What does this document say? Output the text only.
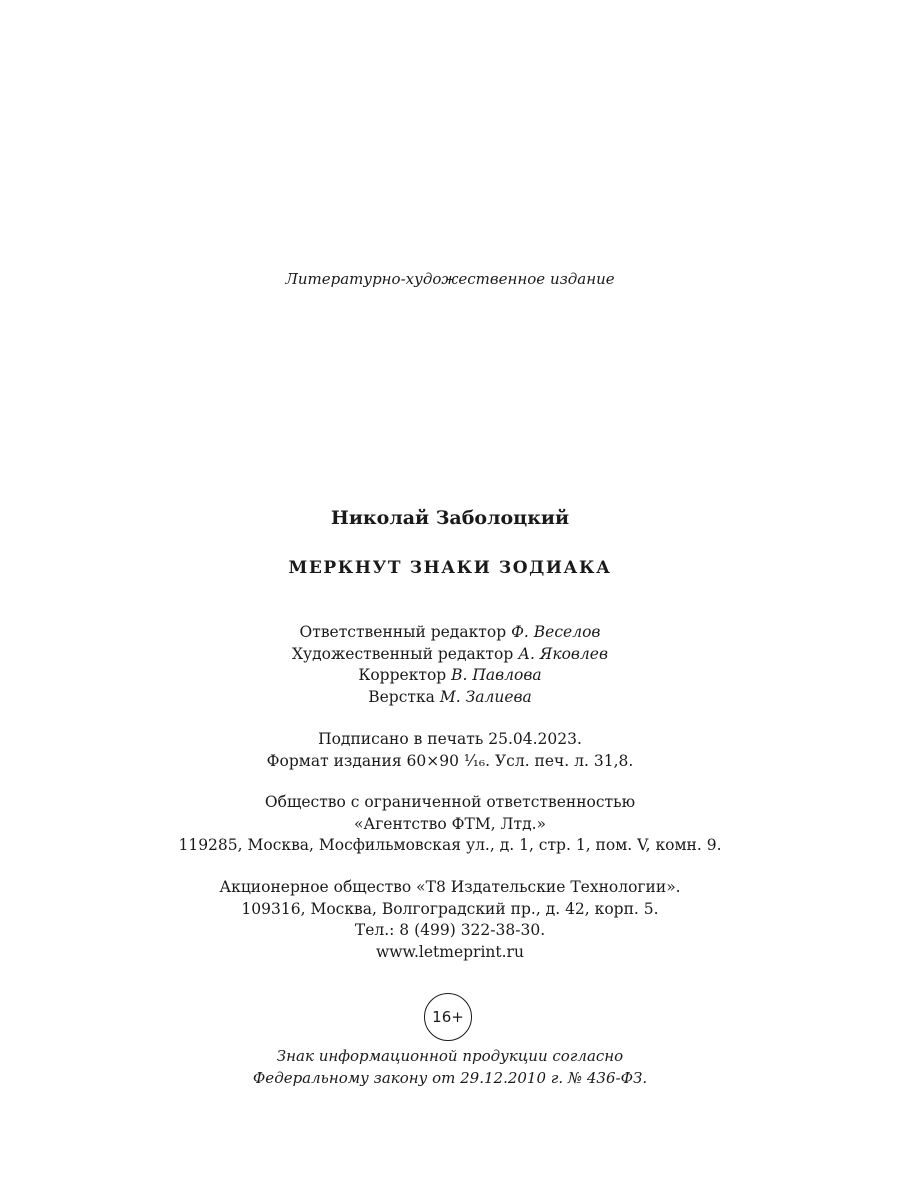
Литературно-художественное издание
Николай Заболоцкий
МЕРКНУТ ЗНАКИ ЗОДИАКА
Ответственный редактор Ф. Веселов
Художественный редактор А. Яковлев
Корректор В. Павлова
Верстка М. Залиева
Подписано в печать 25.04.2023.
Формат издания 60×90 ¹⁄₁₆. Усл. печ. л. 31,8.
Общество с ограниченной ответственностью
«Агентство ФТМ, Лтд.»
119285, Москва, Мосфильмовская ул., д. 1, стр. 1, пом. V, комн. 9.
Акционерное общество «Т8 Издательские Технологии».
109316, Москва, Волгоградский пр., д. 42, корп. 5.
Тел.: 8 (499) 322-38-30.
www.letmeprint.ru
16+
Знак информационной продукции согласно
Федеральному закону от 29.12.2010 г. № 436-ФЗ.
